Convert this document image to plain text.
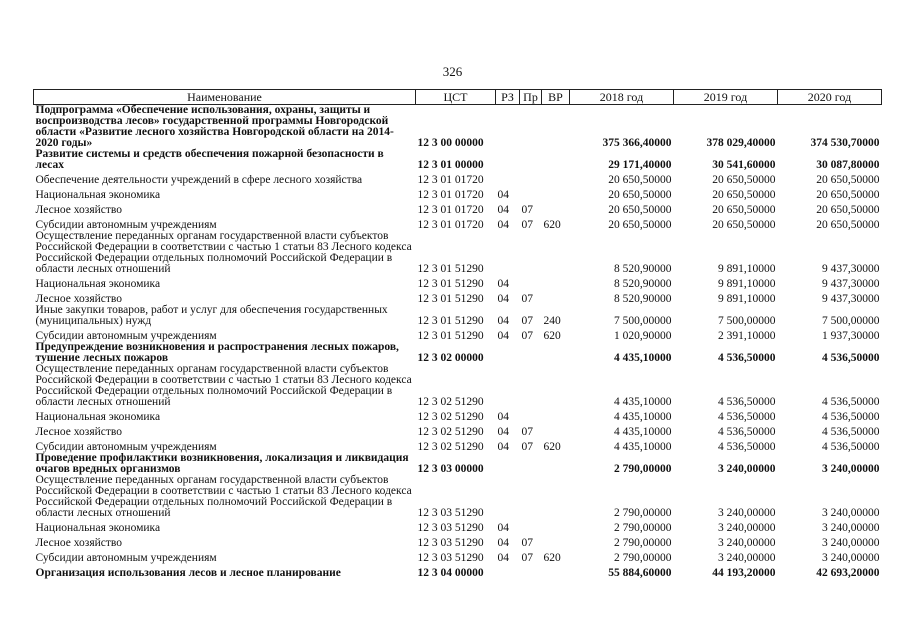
326
Наименование	ЦСТ	РЗ	Пр	ВР	2018 год	2019 год	2020 год
Подпрограмма «Обеспечение использования, охраны, защиты и воспроизводства лесов» государственной программы Новгородской области «Развитие лесного хозяйства Новгородской области на 2014-2020 годы»	12 3 00 00000				375 366,40000	378 029,40000	374 530,70000
Развитие системы и средств обеспечения пожарной безопасности в лесах	12 3 01 00000				29 171,40000	30 541,60000	30 087,80000
Обеспечение деятельности учреждений в сфере лесного хозяйства	12 3 01 01720				20 650,50000	20 650,50000	20 650,50000
Национальная экономика	12 3 01 01720	04			20 650,50000	20 650,50000	20 650,50000
Лесное хозяйство	12 3 01 01720	04	07		20 650,50000	20 650,50000	20 650,50000
Субсидии автономным учреждениям	12 3 01 01720	04	07	620	20 650,50000	20 650,50000	20 650,50000
Осуществление переданных органам государственной власти субъектов Российской Федерации в соответствии с частью 1 статьи 83 Лесного кодекса Российской Федерации отдельных полномочий Российской Федерации в области лесных отношений	12 3 01 51290				8 520,90000	9 891,10000	9 437,30000
Национальная экономика	12 3 01 51290	04			8 520,90000	9 891,10000	9 437,30000
Лесное хозяйство	12 3 01 51290	04	07		8 520,90000	9 891,10000	9 437,30000
Иные закупки товаров, работ и услуг для обеспечения государственных (муниципальных) нужд	12 3 01 51290	04	07	240	7 500,00000	7 500,00000	7 500,00000
Субсидии автономным учреждениям	12 3 01 51290	04	07	620	1 020,90000	2 391,10000	1 937,30000
Предупреждение возникновения и распространения лесных пожаров, тушение лесных пожаров	12 3 02 00000				4 435,10000	4 536,50000	4 536,50000
Осуществление переданных органам государственной власти субъектов Российской Федерации в соответствии с частью 1 статьи 83 Лесного кодекса Российской Федерации отдельных полномочий Российской Федерации в области лесных отношений	12 3 02 51290				4 435,10000	4 536,50000	4 536,50000
Национальная экономика	12 3 02 51290	04			4 435,10000	4 536,50000	4 536,50000
Лесное хозяйство	12 3 02 51290	04	07		4 435,10000	4 536,50000	4 536,50000
Субсидии автономным учреждениям	12 3 02 51290	04	07	620	4 435,10000	4 536,50000	4 536,50000
Проведение профилактики возникновения, локализация и ликвидация очагов вредных организмов	12 3 03 00000				2 790,00000	3 240,00000	3 240,00000
Осуществление переданных органам государственной власти субъектов Российской Федерации в соответствии с частью 1 статьи 83 Лесного кодекса Российской Федерации отдельных полномочий Российской Федерации в области лесных отношений	12 3 03 51290				2 790,00000	3 240,00000	3 240,00000
Национальная экономика	12 3 03 51290	04			2 790,00000	3 240,00000	3 240,00000
Лесное хозяйство	12 3 03 51290	04	07		2 790,00000	3 240,00000	3 240,00000
Субсидии автономным учреждениям	12 3 03 51290	04	07	620	2 790,00000	3 240,00000	3 240,00000
Организация использования лесов и лесное планирование	12 3 04 00000				55 884,60000	44 193,20000	42 693,20000
